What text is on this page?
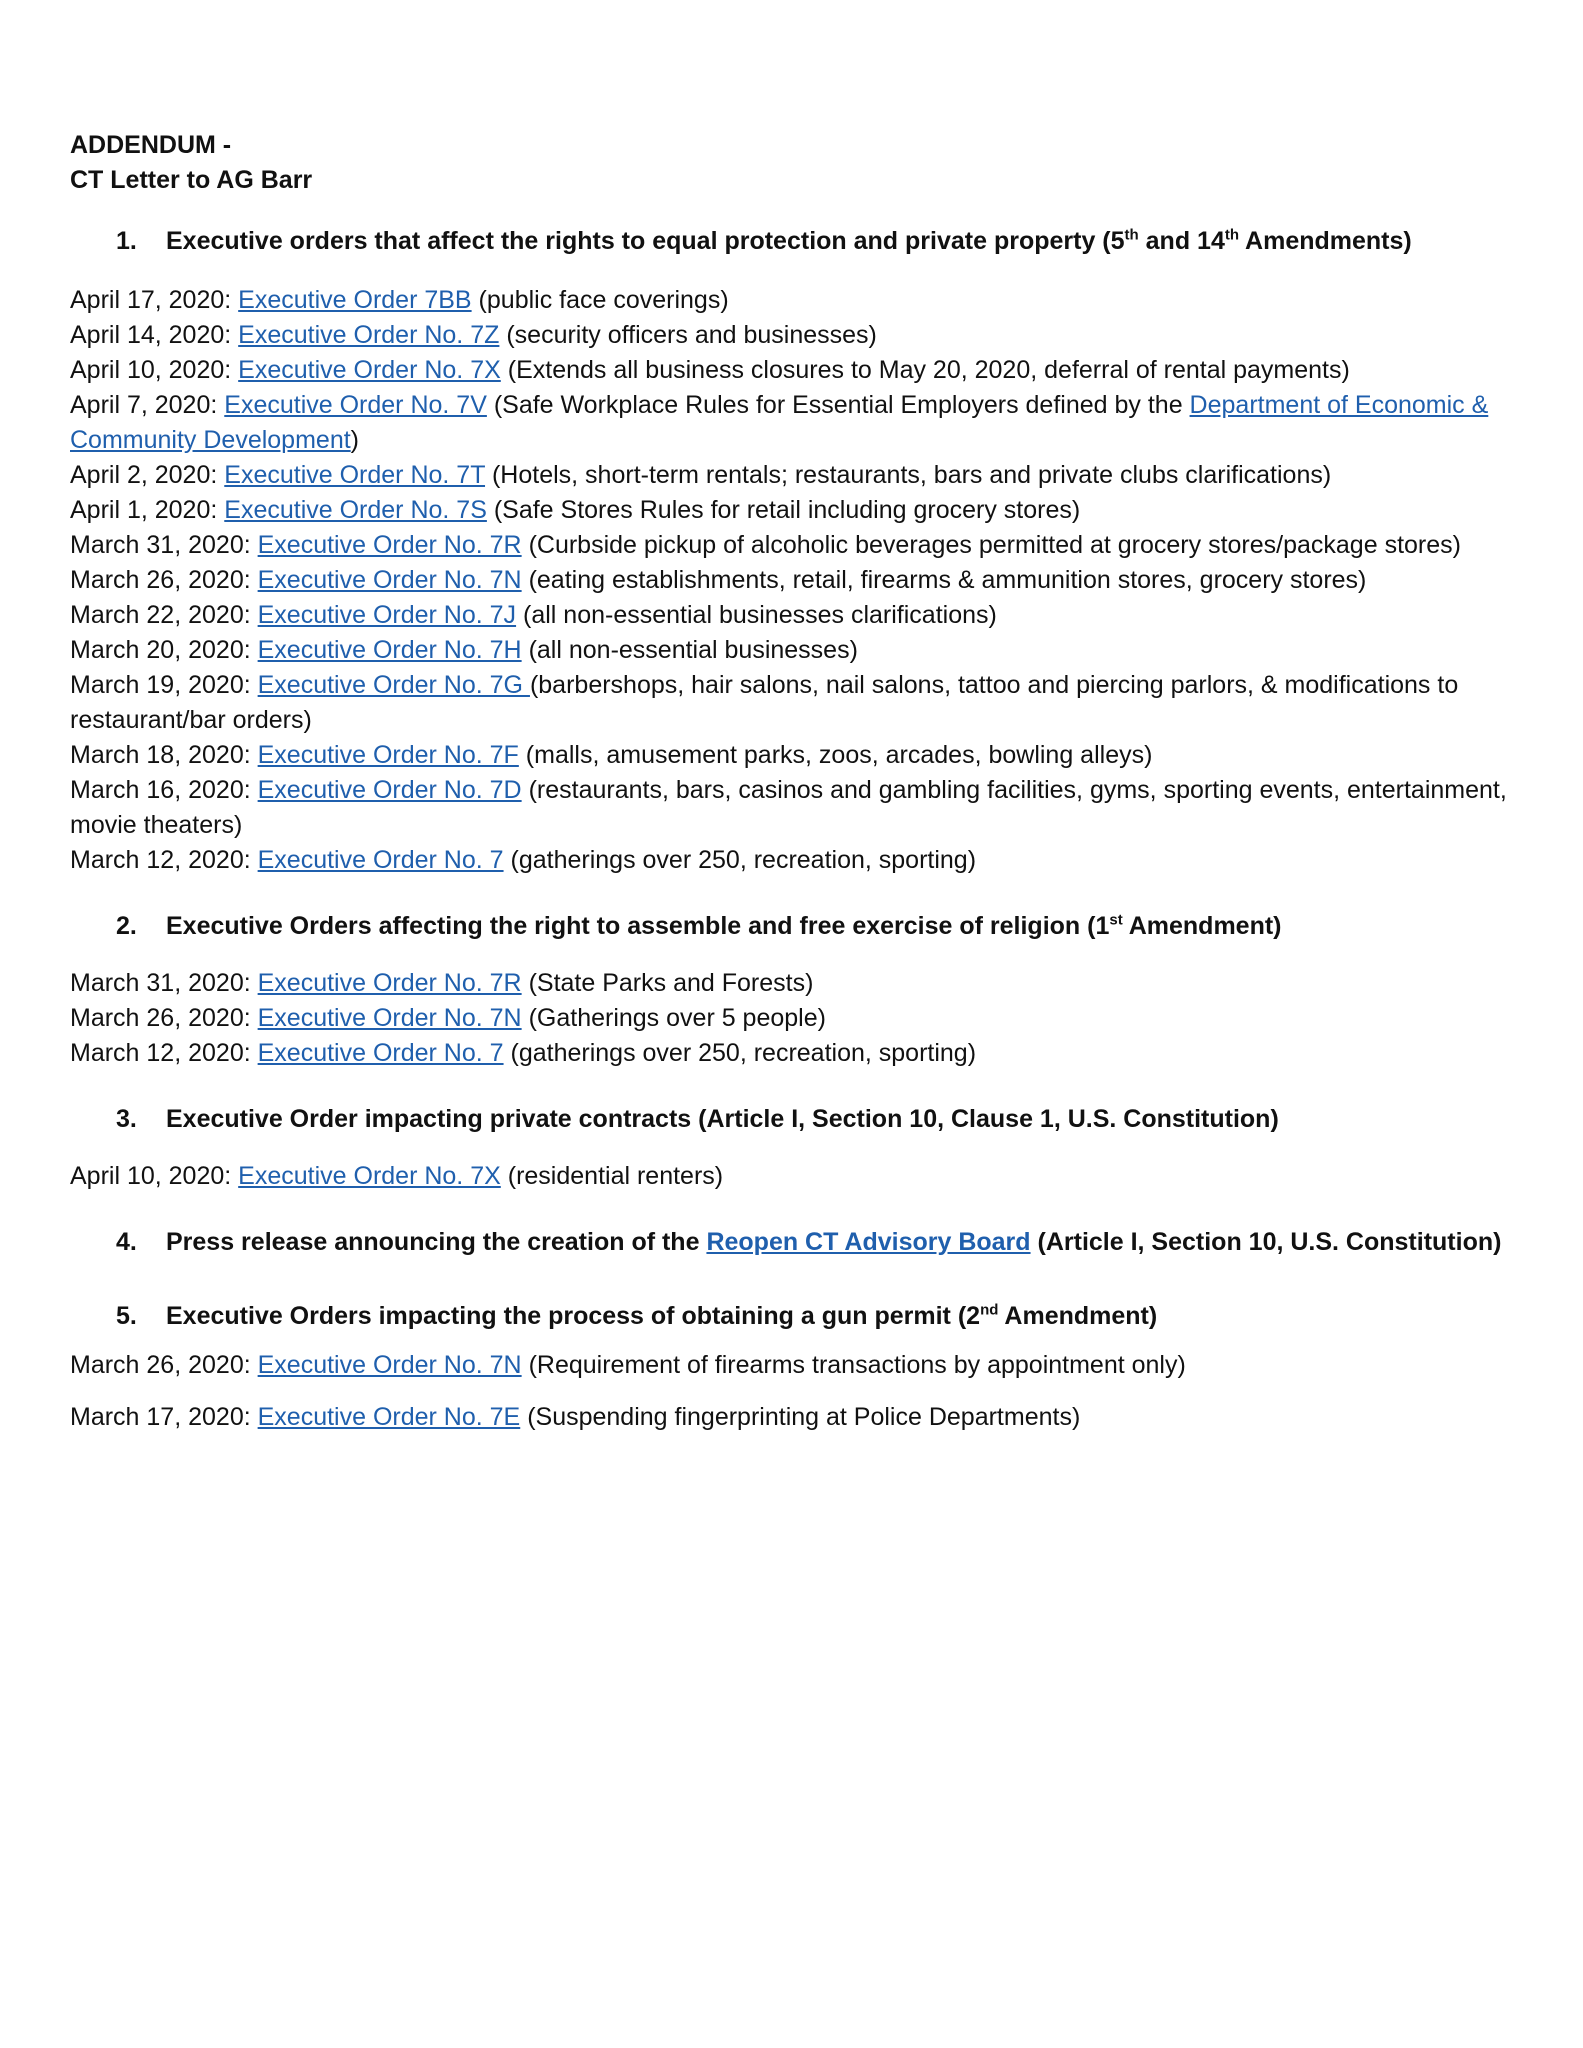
ADDENDUM -

CT Letter to AG Barr

1.	Executive orders that affect the rights to equal protection and private property (5th and 14th Amendments)

April 17, 2020: Executive Order 7BB (public face coverings)

April 14, 2020: Executive Order No. 7Z (security officers and businesses)

April 10, 2020: Executive Order No. 7X (Extends all business closures to May 20, 2020, deferral of rental payments)

April 7, 2020: Executive Order No. 7V (Safe Workplace Rules for Essential Employers defined by the Department of Economic & Community Development)

April 2, 2020: Executive Order No. 7T (Hotels, short-term rentals; restaurants, bars and private clubs clarifications)

April 1, 2020: Executive Order No. 7S (Safe Stores Rules for retail including grocery stores)

March 31, 2020: Executive Order No. 7R (Curbside pickup of alcoholic beverages permitted at grocery stores/package stores)

March 26, 2020: Executive Order No. 7N (eating establishments, retail, firearms & ammunition stores, grocery stores)

March 22, 2020: Executive Order No. 7J (all non-essential businesses clarifications)

March 20, 2020: Executive Order No. 7H (all non-essential businesses)

March 19, 2020: Executive Order No. 7G (barbershops, hair salons, nail salons, tattoo and piercing parlors, & modifications to restaurant/bar orders)

March 18, 2020: Executive Order No. 7F (malls, amusement parks, zoos, arcades, bowling alleys)

March 16, 2020: Executive Order No. 7D (restaurants, bars, casinos and gambling facilities, gyms, sporting events, entertainment, movie theaters)

March 12, 2020: Executive Order No. 7 (gatherings over 250, recreation, sporting)

2.	Executive Orders affecting the right to assemble and free exercise of religion (1st Amendment)

March 31, 2020: Executive Order No. 7R (State Parks and Forests)

March 26, 2020: Executive Order No. 7N (Gatherings over 5 people)

March 12, 2020: Executive Order No. 7 (gatherings over 250, recreation, sporting)

3.	Executive Order impacting private contracts (Article I, Section 10, Clause 1, U.S. Constitution)

April 10, 2020: Executive Order No. 7X (residential renters)

4.	Press release announcing the creation of the Reopen CT Advisory Board (Article I, Section 10, U.S. Constitution)

5.	Executive Orders impacting the process of obtaining a gun permit (2nd Amendment)

March 26, 2020: Executive Order No. 7N (Requirement of firearms transactions by appointment only)

March 17, 2020: Executive Order No. 7E (Suspending fingerprinting at Police Departments)
